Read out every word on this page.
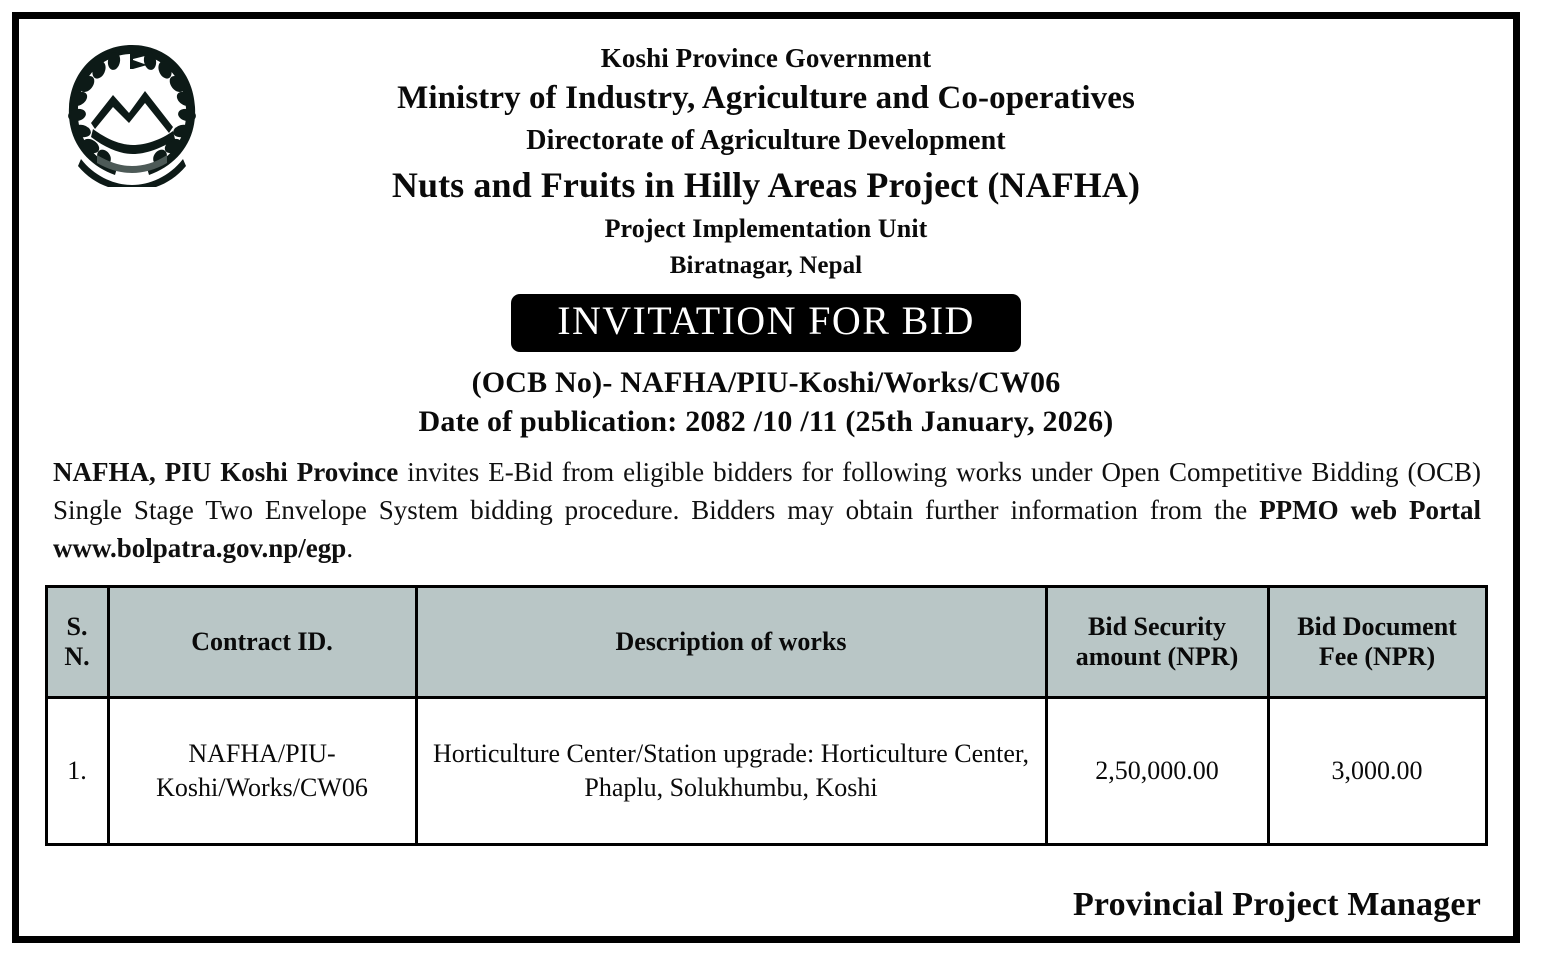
Koshi Province Government
Ministry of Industry, Agriculture and Co-operatives
Directorate of Agriculture Development
Nuts and Fruits in Hilly Areas Project (NAFHA)
Project Implementation Unit
Biratnagar, Nepal
INVITATION FOR BID
(OCB No)- NAFHA/PIU-Koshi/Works/CW06
Date of publication: 2082 /10 /11 (25th January, 2026)

NAFHA, PIU Koshi Province invites E-Bid from eligible bidders for following works under Open Competitive Bidding (OCB) Single Stage Two Envelope System bidding procedure. Bidders may obtain further information from the PPMO web Portal www.bolpatra.gov.np/egp.

S. N.	Contract ID.	Description of works	Bid Security amount (NPR)	Bid Document Fee (NPR)
1.	NAFHA/PIU-Koshi/Works/CW06	Horticulture Center/Station upgrade: Horticulture Center, Phaplu, Solukhumbu, Koshi	2,50,000.00	3,000.00
Provincial Project Manager
